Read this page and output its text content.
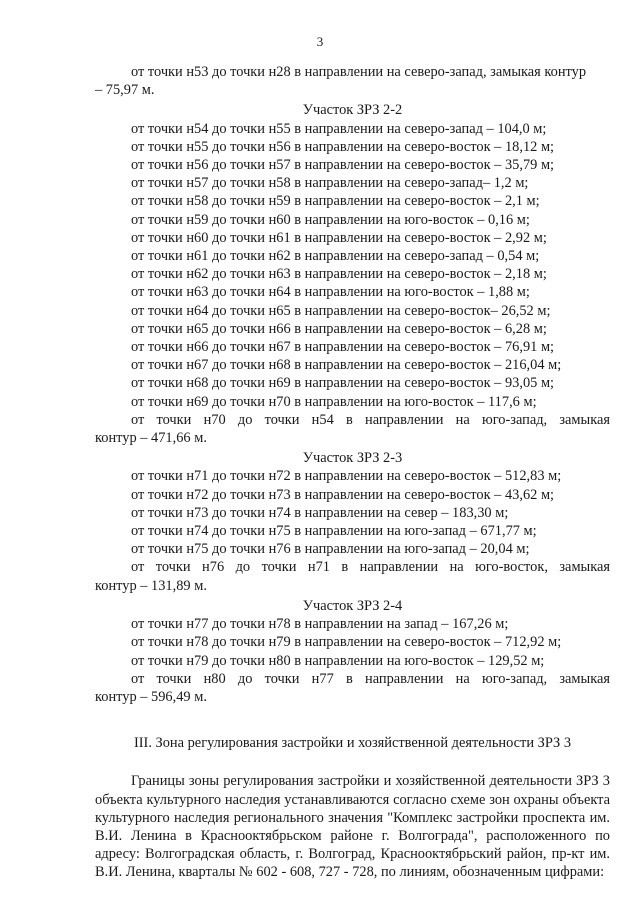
3
от точки н53 до точки н28 в направлении на северо-запад, замыкая контур
– 75,97 м.
Участок ЗРЗ 2-2
от точки н54 до точки н55 в направлении на северо-запад – 104,0 м;
от точки н55 до точки н56 в направлении на северо-восток – 18,12 м;
от точки н56 до точки н57 в направлении на северо-восток – 35,79 м;
от точки н57 до точки н58 в направлении на северо-запад– 1,2 м;
от точки н58 до точки н59 в направлении на северо-восток – 2,1 м;
от точки н59 до точки н60 в направлении на юго-восток – 0,16 м;
от точки н60 до точки н61 в направлении на северо-восток – 2,92 м;
от точки н61 до точки н62 в направлении на северо-запад – 0,54 м;
от точки н62 до точки н63 в направлении на северо-восток – 2,18 м;
от точки н63 до точки н64 в направлении на юго-восток – 1,88 м;
от точки н64 до точки н65 в направлении на северо-восток– 26,52 м;
от точки н65 до точки н66 в направлении на северо-восток – 6,28 м;
от точки н66 до точки н67 в направлении на северо-восток – 76,91 м;
от точки н67 до точки н68 в направлении на северо-восток – 216,04 м;
от точки н68 до точки н69 в направлении на северо-восток – 93,05 м;
от точки н69 до точки н70 в направлении на юго-восток – 117,6 м;
от точки н70 до точки н54 в направлении на юго-запад, замыкая
контур – 471,66 м.
Участок ЗРЗ 2-3
от точки н71 до точки н72 в направлении на северо-восток – 512,83 м;
от точки н72 до точки н73 в направлении на северо-восток – 43,62 м;
от точки н73 до точки н74 в направлении на север – 183,30 м;
от точки н74 до точки н75 в направлении на юго-запад – 671,77 м;
от точки н75 до точки н76 в направлении на юго-запад – 20,04 м;
от точки н76 до точки н71 в направлении на юго-восток, замыкая
контур – 131,89 м.
Участок ЗРЗ 2-4
от точки н77 до точки н78 в направлении на запад – 167,26 м;
от точки н78 до точки н79 в направлении на северо-восток – 712,92 м;
от точки н79 до точки н80 в направлении на юго-восток – 129,52 м;
от точки н80 до точки н77 в направлении на юго-запад, замыкая
контур – 596,49 м.
III. Зона регулирования застройки и хозяйственной деятельности ЗРЗ 3
Границы зоны регулирования застройки и хозяйственной деятельности ЗРЗ 3 объекта культурного наследия устанавливаются согласно схеме зон охраны объекта культурного наследия регионального значения "Комплекс застройки проспекта им. В.И. Ленина в Краснооктябрьском районе г. Волгограда", расположенного по адресу: Волгоградская область, г. Волгоград, Краснооктябрьский район, пр-кт им. В.И. Ленина, кварталы № 602 - 608, 727 - 728, по линиям, обозначенным цифрами:
